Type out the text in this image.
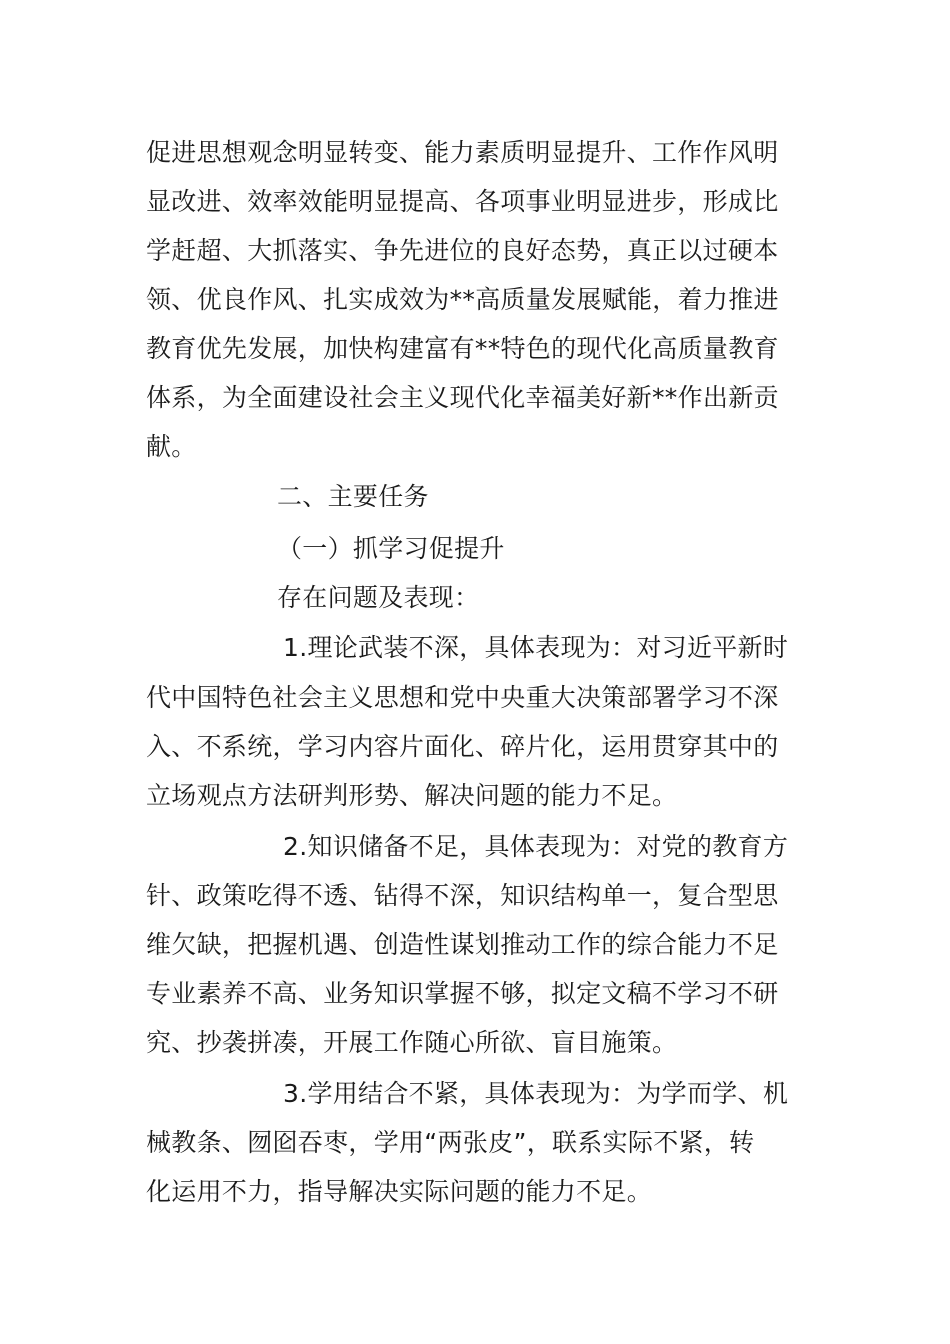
促进思想观念明显转变、能力素质明显提升、工作作风明
显改进、效率效能明显提高、各项事业明显进步，形成比
学赶超、大抓落实、争先进位的良好态势，真正以过硬本
领、优良作风、扎实成效为**高质量发展赋能，着力推进
教育优先发展，加快构建富有**特色的现代化高质量教育
体系，为全面建设社会主义现代化幸福美好新**作出新贡
献。
二、主要任务
（一）抓学习促提升
存在问题及表现：
1.理论武装不深，具体表现为：对习近平新时
代中国特色社会主义思想和党中央重大决策部署学习不深
入、不系统，学习内容片面化、碎片化，运用贯穿其中的
立场观点方法研判形势、解决问题的能力不足。
2.知识储备不足，具体表现为：对党的教育方
针、政策吃得不透、钻得不深，知识结构单一，复合型思
维欠缺，把握机遇、创造性谋划推动工作的综合能力不足
专业素养不高、业务知识掌握不够，拟定文稿不学习不研
究、抄袭拼凑，开展工作随心所欲、盲目施策。
3.学用结合不紧，具体表现为：为学而学、机
械教条、囫囵吞枣，学用“两张皮”，联系实际不紧，转
化运用不力，指导解决实际问题的能力不足。
